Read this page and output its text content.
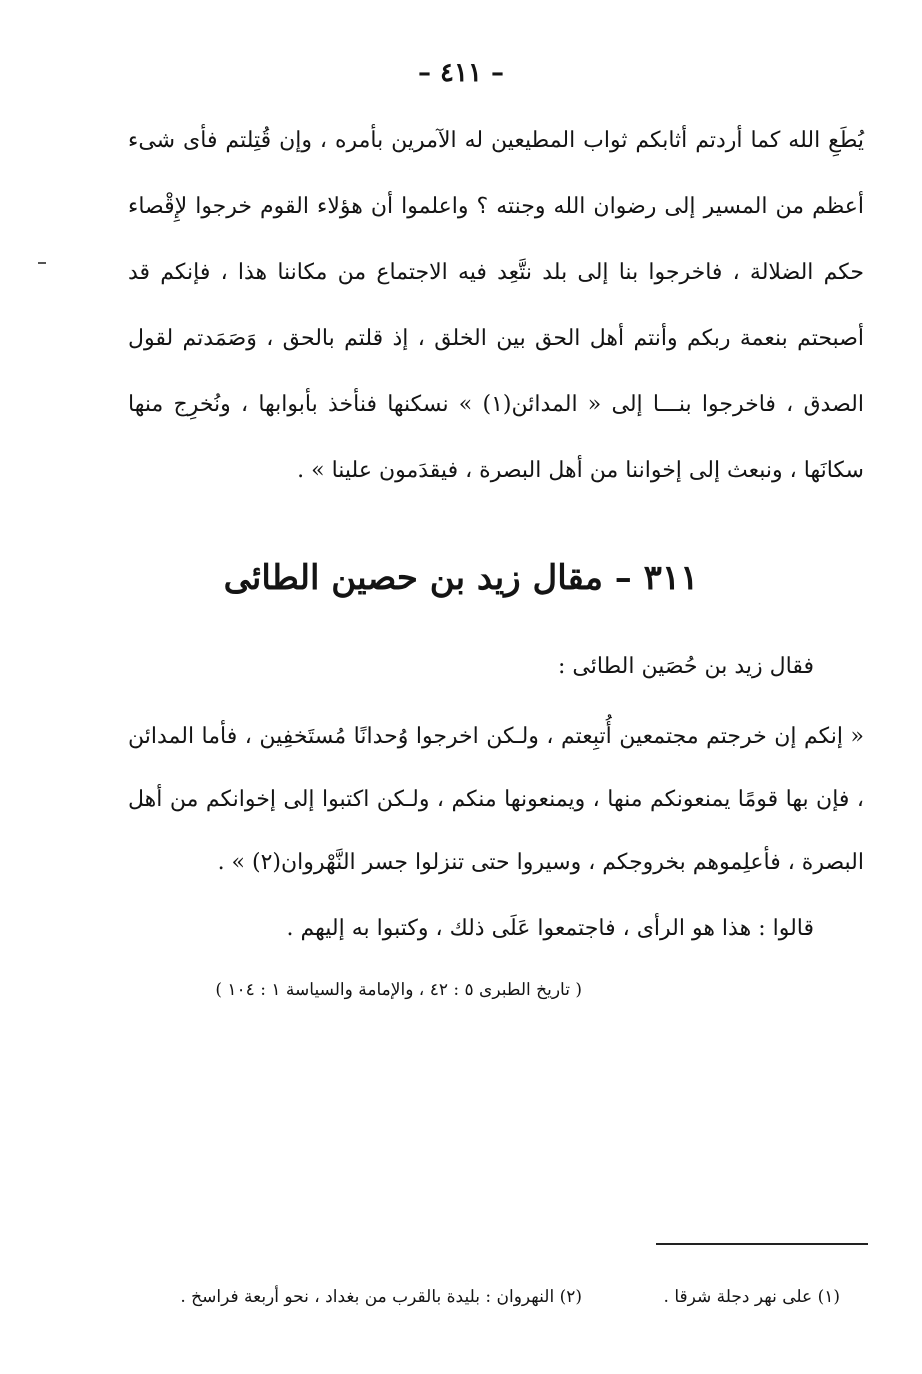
– ٤١١ –

يُطَعِ الله كما أردتم أثابكم ثواب المطيعين له الآمرين بأمره ، وإن قُتِلتم فأى شىء أعظم من المسير إلى رضوان الله وجنته ؟ واعلموا أن هؤلاء القوم خرجوا لإِقْصاء حكم الضلالة ، فاخرجوا بنا إلى بلد نتَّعِد فيه الاجتماع من مكاننا هذا ، فإنكم قد أصبحتم بنعمة ربكم وأنتم أهل الحق بين الخلق ، إذ قلتم بالحق ، وَصَمَدتم لقول الصدق ، فاخرجوا بنـــا إلى « المدائن(١) » نسكنها فنأخذ بأبوابها ، ونُخرِج منها سكانَها ، ونبعث إلى إخواننا من أهل البصرة ، فيقدَمون علينا » .

٣١١ – مقال زيد بن حصين الطائى

فقال زيد بن حُصَين الطائى :

« إنكم إن خرجتم مجتمعين أُتبِعتم ، ولـكن اخرجوا وُحدانًا مُستَخفِين ، فأما المدائن ، فإن بها قومًا يمنعونكم منها ، ويمنعونها منكم ، ولـكن اكتبوا إلى إخوانكم من أهل البصرة ، فأعلِموهم بخروجكم ، وسيروا حتى تنزلوا جسر النَّهْروان(٢) » .

قالوا : هذا هو الرأى ، فاجتمعوا عَلَى ذلك ، وكتبوا به إليهم .

( تاريخ الطبرى ٥ : ٤٢ ، والإمامة والسياسة ١ : ١٠٤ )

(١) على نهر دجلة شرقا .
(٢) النهروان : بليدة بالقرب من بغداد ، نحو أربعة فراسخ .
